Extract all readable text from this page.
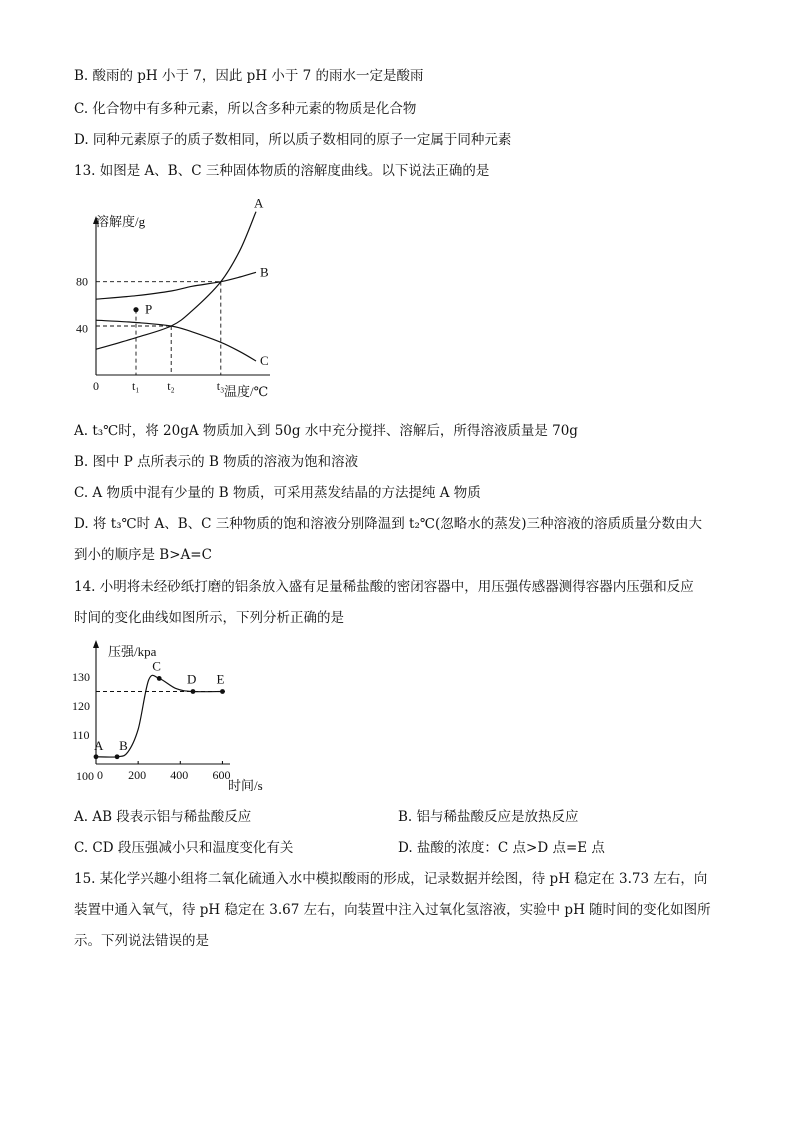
B. 酸雨的 pH 小于 7，因此 pH 小于 7 的雨水一定是酸雨
C. 化合物中有多种元素，所以含多种元素的物质是化合物
D. 同种元素原子的质子数相同，所以质子数相同的原子一定属于同种元素
13. 如图是 A、B、C 三种固体物质的溶解度曲线。以下说法正确的是
溶解度/g
温度/℃
0
40
80
t₁ t₂	t₃
A
B
C
P
A. t₃℃时，将 20gA 物质加入到 50g 水中充分搅拌、溶解后，所得溶液质量是 70g
B. 图中 P 点所表示的 B 物质的溶液为饱和溶液
C. A 物质中混有少量的 B 物质，可采用蒸发结晶的方法提纯 A 物质
D. 将 t₃℃时 A、B、C 三种物质的饱和溶液分别降温到 t₂℃(忽略水的蒸发)三种溶液的溶质质量分数由大
到小的顺序是 B>A=C
14. 小明将未经砂纸打磨的铝条放入盛有足量稀盐酸的密闭容器中，用压强传感器测得容器内压强和反应
时间的变化曲线如图所示，下列分析正确的是
压强/kpa
时间/s
100
110
120
130
0 200 400 600
A B
C
D E
A. AB 段表示铝与稀盐酸反应	B. 铝与稀盐酸反应是放热反应
C. CD 段压强减小只和温度变化有关	D. 盐酸的浓度：C 点>D 点=E 点
15. 某化学兴趣小组将二氧化硫通入水中模拟酸雨的形成，记录数据并绘图，待 pH 稳定在 3.73 左右，向
装置中通入氧气，待 pH 稳定在 3.67 左右，向装置中注入过氧化氢溶液，实验中 pH 随时间的变化如图所
示。下列说法错误的是
